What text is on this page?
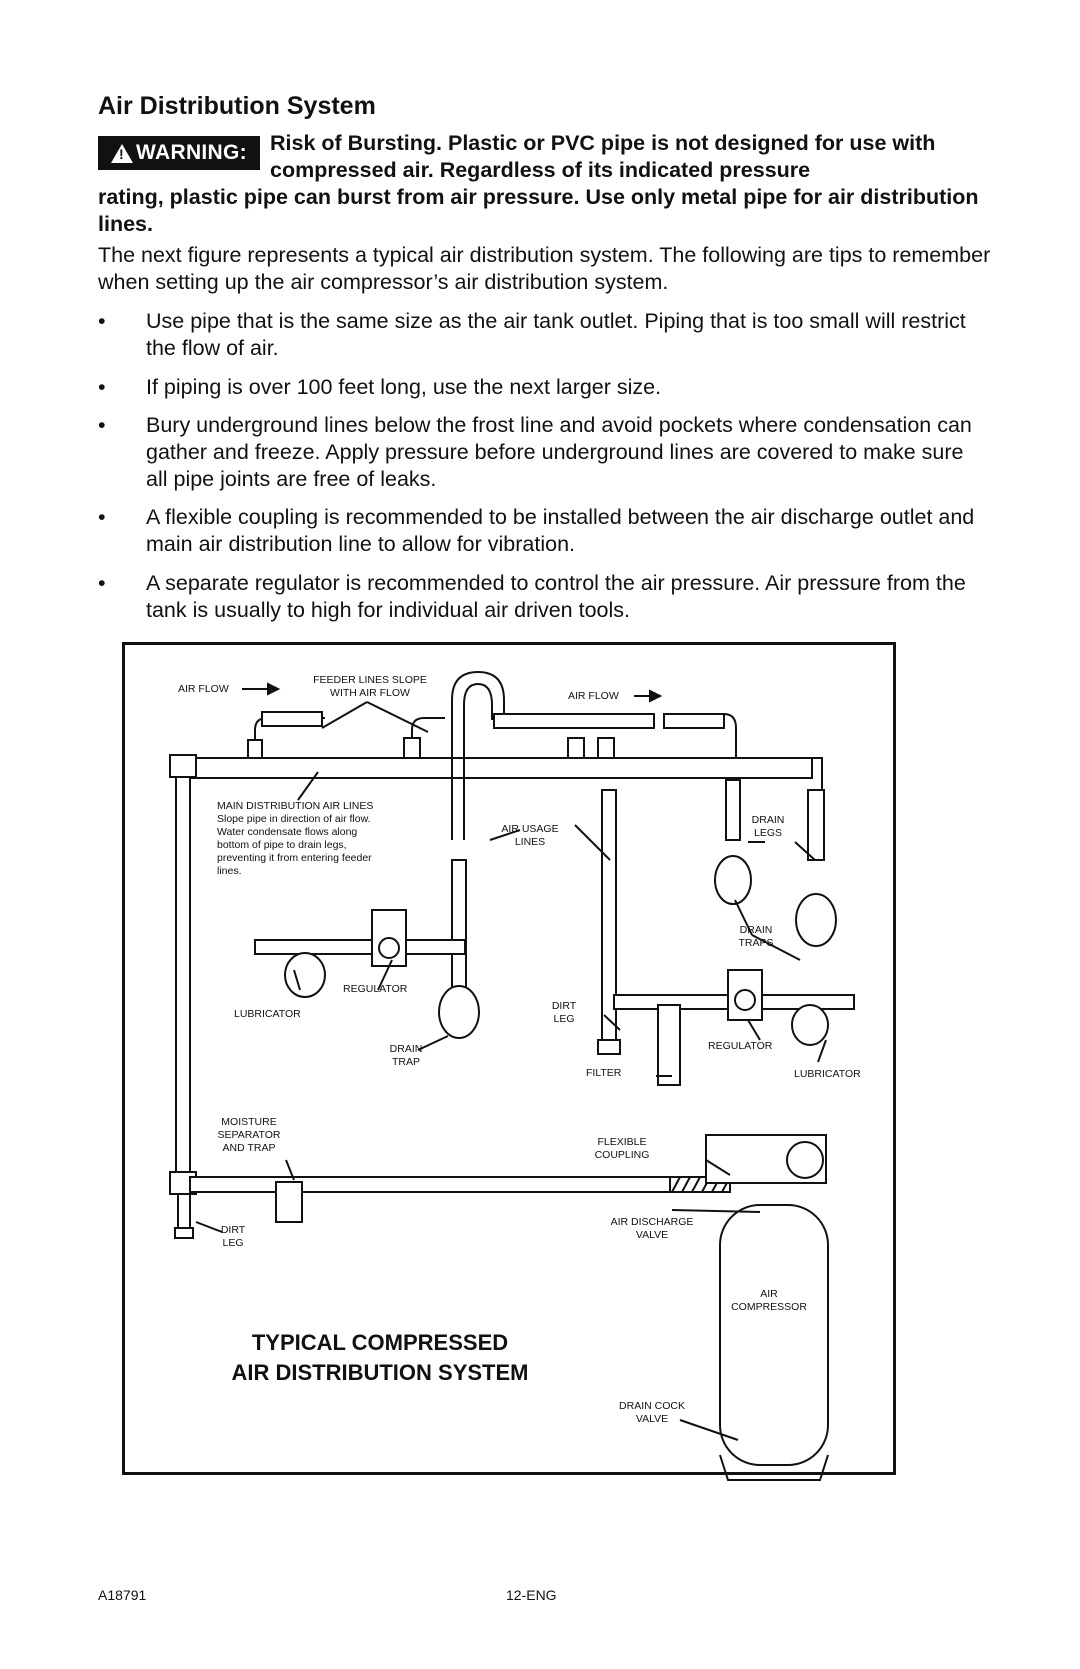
Air Distribution System
!
WARNING: Risk of Bursting. Plastic or PVC pipe is not designed for use with compressed air. Regardless of its indicated pressure
rating, plastic pipe can burst from air pressure. Use only metal pipe for air distribution lines.
The next figure represents a typical air distribution system. The following are tips to remember when setting up the air compressor’s air distribution system.
•	Use pipe that is the same size as the air tank outlet. Piping that is too small will restrict the flow of air.
•	If piping is over 100 feet long, use the next larger size.
•	Bury underground lines below the frost line and avoid pockets where condensation can gather and freeze. Apply pressure before underground lines are covered to make sure all pipe joints are free of leaks.
•	A flexible coupling is recommended to be installed between the air discharge outlet and main air distribution line to allow for vibration.
•	A separate regulator is recommended to control the air pressure. Air pressure from the tank is usually to high for individual air driven tools.
AIR FLOW
FEEDER LINES SLOPE
WITH AIR FLOW	AIR FLOW
MAIN DISTRIBUTION AIR LINES
Slope pipe in direction of air flow.
Water condensate flows along
bottom of pipe to drain legs,
preventing it from entering feeder
lines.
AIR USAGE
LINES
DRAIN
LEGS
DRAIN
TRAPS
REGULATOR
LUBRICATOR
DIRT
LEG
DRAIN
TRAP
REGULATOR
FILTER	LUBRICATOR
MOISTURE
SEPARATOR
AND TRAP	FLEXIBLE
COUPLING
DIRT
LEG
AIR DISCHARGE
VALVE
AIR
COMPRESSOR
DRAIN COCK
VALVE
TYPICAL COMPRESSED
AIR DISTRIBUTION SYSTEM
A18791	12-ENG
